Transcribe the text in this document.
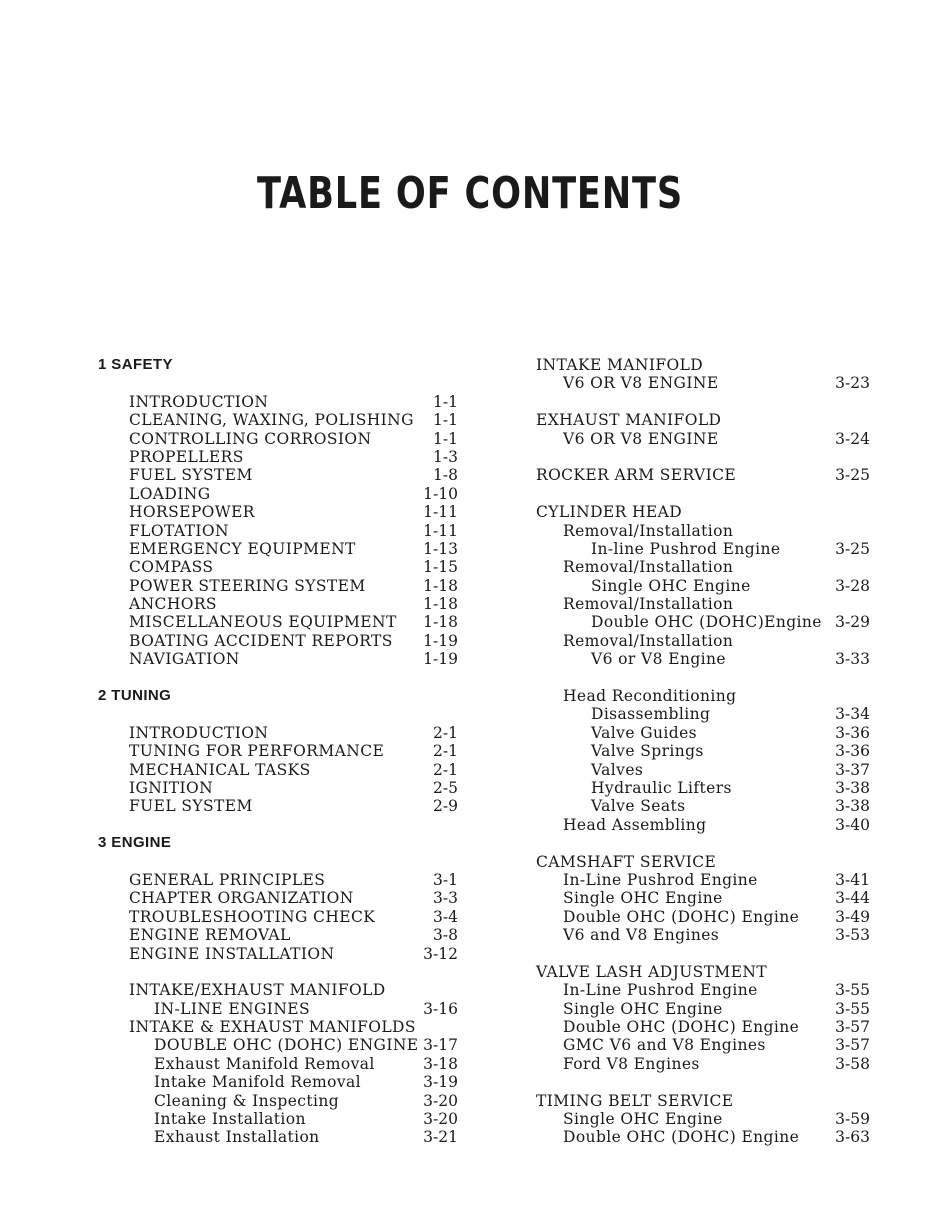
TABLE OF CONTENTS
1 SAFETY
INTRODUCTION	1-1
CLEANING, WAXING, POLISHING	1-1
CONTROLLING CORROSION	1-1
PROPELLERS	1-3
FUEL SYSTEM	1-8
LOADING	1-10
HORSEPOWER	1-11
FLOTATION	1-11
EMERGENCY EQUIPMENT	1-13
COMPASS	1-15
POWER STEERING SYSTEM	1-18
ANCHORS	1-18
MISCELLANEOUS EQUIPMENT	1-18
BOATING ACCIDENT REPORTS	1-19
NAVIGATION	1-19
2 TUNING
INTRODUCTION	2-1
TUNING FOR PERFORMANCE	2-1
MECHANICAL TASKS	2-1
IGNITION	2-5
FUEL SYSTEM	2-9
3 ENGINE
GENERAL PRINCIPLES	3-1
CHAPTER ORGANIZATION	3-3
TROUBLESHOOTING CHECK	3-4
ENGINE REMOVAL	3-8
ENGINE INSTALLATION	3-12
INTAKE/EXHAUST MANIFOLD
IN-LINE ENGINES	3-16
INTAKE & EXHAUST MANIFOLDS
DOUBLE OHC (DOHC) ENGINE 3-17
Exhaust Manifold Removal	3-18
Intake Manifold Removal	3-19
Cleaning & Inspecting	3-20
Intake Installation	3-20
Exhaust Installation	3-21
INTAKE MANIFOLD
V6 OR V8 ENGINE	3-23
EXHAUST MANIFOLD
V6 OR V8 ENGINE	3-24
ROCKER ARM SERVICE	3-25
CYLINDER HEAD
Removal/Installation
In-line Pushrod Engine	3-25
Removal/Installation
Single OHC Engine	3-28
Removal/Installation
Double OHC (DOHC)Engine 3-29
Removal/Installation
V6 or V8 Engine	3-33
Head Reconditioning
Disassembling	3-34
Valve Guides	3-36
Valve Springs	3-36
Valves	3-37
Hydraulic Lifters	3-38
Valve Seats	3-38
Head Assembling	3-40
CAMSHAFT SERVICE
In-Line Pushrod Engine	3-41
Single OHC Engine	3-44
Double OHC (DOHC) Engine	3-49
V6 and V8 Engines	3-53
VALVE LASH ADJUSTMENT
In-Line Pushrod Engine	3-55
Single OHC Engine	3-55
Double OHC (DOHC) Engine	3-57
GMC V6 and V8 Engines	3-57
Ford V8 Engines	3-58
TIMING BELT SERVICE
Single OHC Engine	3-59
Double OHC (DOHC) Engine	3-63
